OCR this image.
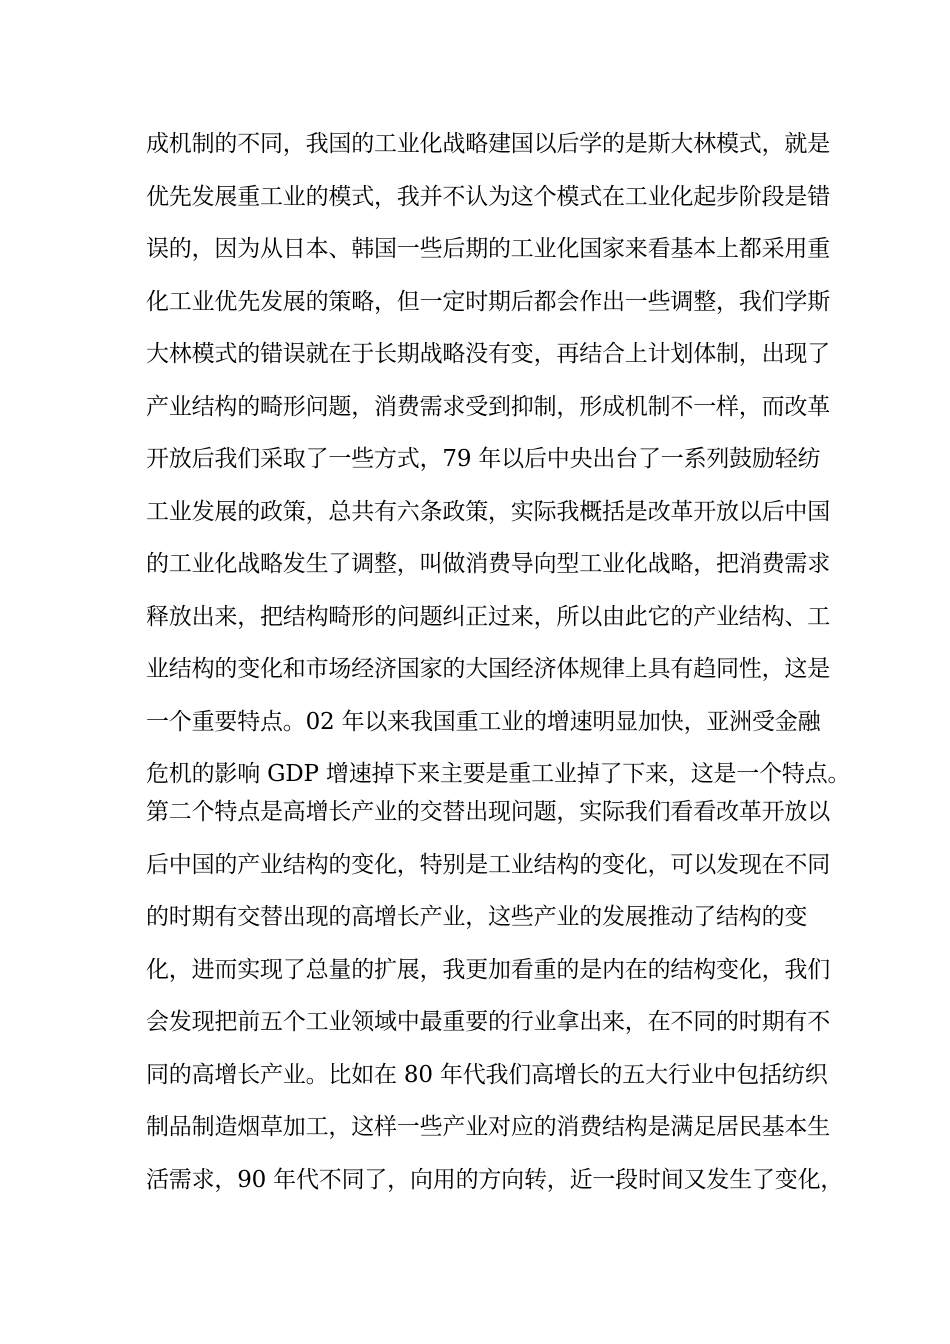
成机制的不同，我国的工业化战略建国以后学的是斯大林模式，就是
优先发展重工业的模式，我并不认为这个模式在工业化起步阶段是错
误的，因为从日本、韩国一些后期的工业化国家来看基本上都采用重
化工业优先发展的策略，但一定时期后都会作出一些调整，我们学斯
大林模式的错误就在于长期战略没有变，再结合上计划体制，出现了
产业结构的畸形问题，消费需求受到抑制，形成机制不一样，而改革
开放后我们采取了一些方式，79 年以后中央出台了一系列鼓励轻纺
工业发展的政策，总共有六条政策，实际我概括是改革开放以后中国
的工业化战略发生了调整，叫做消费导向型工业化战略，把消费需求
释放出来，把结构畸形的问题纠正过来，所以由此它的产业结构、工
业结构的变化和市场经济国家的大国经济体规律上具有趋同性，这是
一个重要特点。02 年以来我国重工业的增速明显加快，亚洲受金融
危机的影响 GDP 增速掉下来主要是重工业掉了下来，这是一个特点。
第二个特点是高增长产业的交替出现问题，实际我们看看改革开放以
后中国的产业结构的变化，特别是工业结构的变化，可以发现在不同
的时期有交替出现的高增长产业，这些产业的发展推动了结构的变
化，进而实现了总量的扩展，我更加看重的是内在的结构变化，我们
会发现把前五个工业领域中最重要的行业拿出来，在不同的时期有不
同的高增长产业。比如在 80 年代我们高增长的五大行业中包括纺织
制品制造烟草加工，这样一些产业对应的消费结构是满足居民基本生
活需求，90 年代不同了，向用的方向转，近一段时间又发生了变化，
